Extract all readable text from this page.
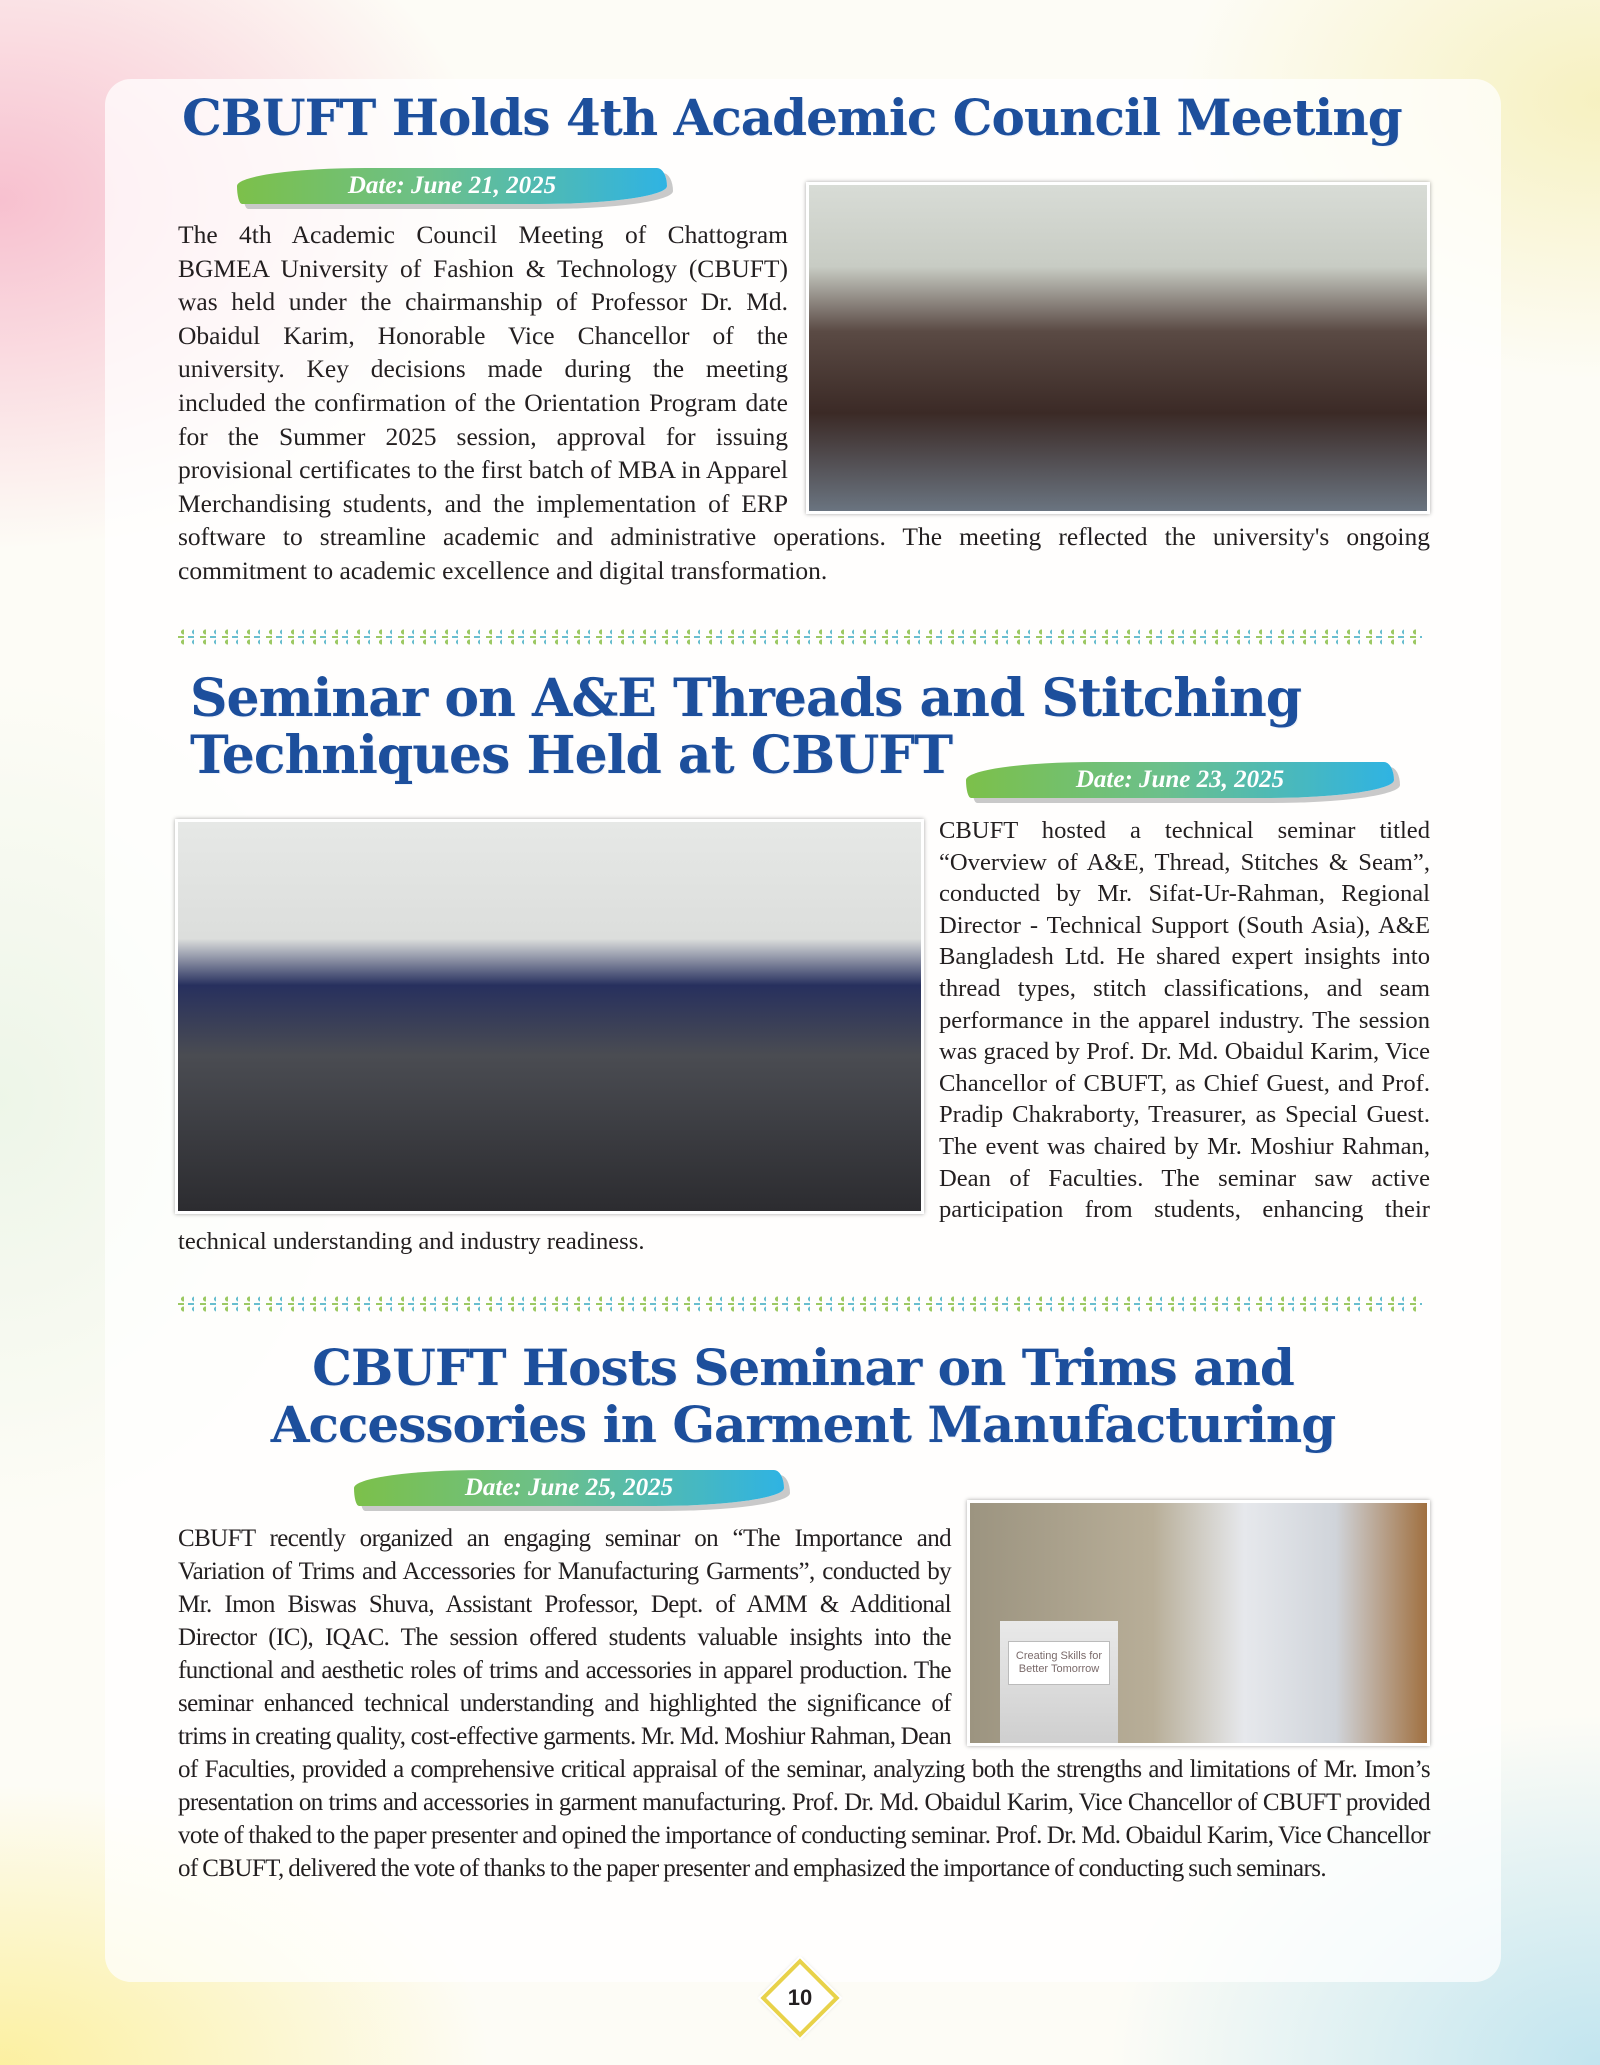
CBUFT Holds 4th Academic Council Meeting
Date: June 21, 2025
The 4th Academic Council Meeting of Chattogram BGMEA University of Fashion & Technology (CBUFT) was held under the chairmanship of Professor Dr. Md. Obaidul Karim, Honorable Vice Chancellor of the university. Key decisions made during the meeting included the confirmation of the Orientation Program date for the Summer 2025 session, approval for issuing provisional certificates to the first batch of MBA in Apparel Merchandising students, and the implementation of ERP software to streamline academic and administrative operations. The meeting reflected the university's ongoing commitment to academic excellence and digital transformation.
Seminar on A&E Threads and Stitching
Techniques Held at CBUFT	Date: June 23, 2025
CBUFT hosted a technical seminar titled “Overview of A&E, Thread, Stitches & Seam”, conducted by Mr. Sifat-Ur-Rahman, Regional Director - Technical Support (South Asia), A&E Bangladesh Ltd. He shared expert insights into thread types, stitch classifications, and seam performance in the apparel industry. The session was graced by Prof. Dr. Md. Obaidul Karim, Vice Chancellor of CBUFT, as Chief Guest, and Prof. Pradip Chakraborty, Treasurer, as Special Guest. The event was chaired by Mr. Moshiur Rahman, Dean of Faculties. The seminar saw active participation from students, enhancing their technical understanding and industry readiness.
CBUFT Hosts Seminar on Trims and
Accessories in Garment Manufacturing
Date: June 25, 2025
Creating Skills for Better Tomorrow
CBUFT recently organized an engaging seminar on “The Importance and Variation of Trims and Accessories for Manufacturing Garments”, conducted by Mr. Imon Biswas Shuva, Assistant Professor, Dept. of AMM & Additional Director (IC), IQAC. The session offered students valuable insights into the functional and aesthetic roles of trims and accessories in apparel production. The seminar enhanced technical understanding and highlighted the significance of trims in creating quality, cost-effective garments. Mr. Md. Moshiur Rahman, Dean of Faculties, provided a comprehensive critical appraisal of the seminar, analyzing both the strengths and limitations of Mr. Imon’s presentation on trims and accessories in garment manufacturing. Prof. Dr. Md. Obaidul Karim, Vice Chancellor of CBUFT provided vote of thaked to the paper presenter and opined the importance of conducting seminar. Prof. Dr. Md. Obaidul Karim, Vice Chancellor of CBUFT, delivered the vote of thanks to the paper presenter and emphasized the importance of conducting such seminars.
10
